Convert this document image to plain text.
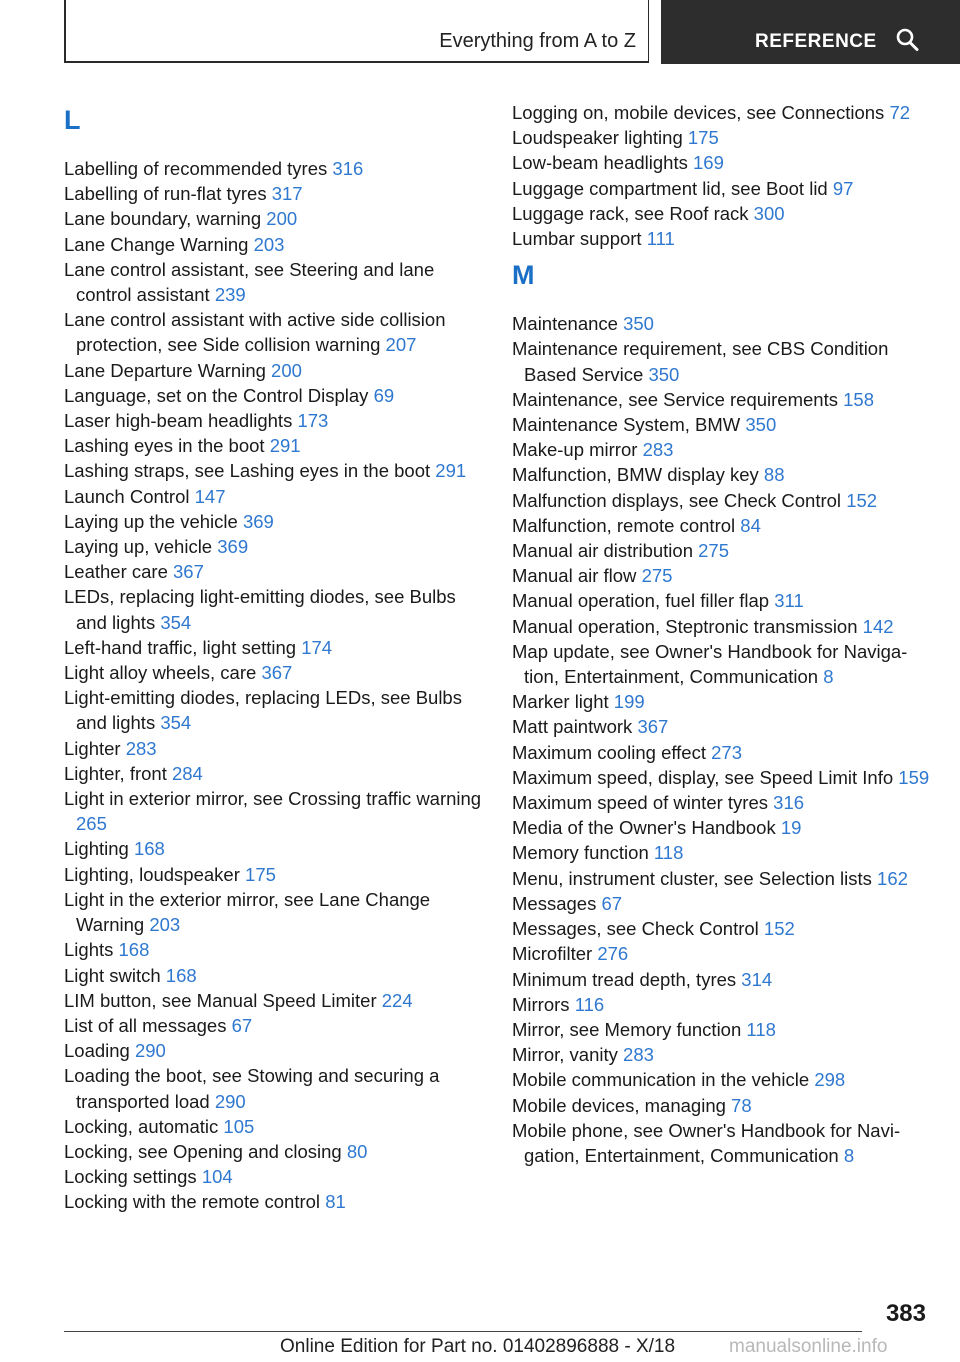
Everything from A to Z	REFERENCE
L
Labelling of recommended tyres 316
Labelling of run-flat tyres 317
Lane boundary, warning 200
Lane Change Warning 203
Lane control assistant, see Steering and lane control assistant 239
Lane control assistant with active side collision protection, see Side collision warning 207
Lane Departure Warning 200
Language, set on the Control Display 69
Laser high-beam headlights 173
Lashing eyes in the boot 291
Lashing straps, see Lashing eyes in the boot 291
Launch Control 147
Laying up the vehicle 369
Laying up, vehicle 369
Leather care 367
LEDs, replacing light-emitting diodes, see Bulbs and lights 354
Left-hand traffic, light setting 174
Light alloy wheels, care 367
Light-emitting diodes, replacing LEDs, see Bulbs and lights 354
Lighter 283
Lighter, front 284
Light in exterior mirror, see Crossing traffic warning 265
Lighting 168
Lighting, loudspeaker 175
Light in the exterior mirror, see Lane Change Warning 203
Lights 168
Light switch 168
LIM button, see Manual Speed Limiter 224
List of all messages 67
Loading 290
Loading the boot, see Stowing and securing a transported load 290
Locking, automatic 105
Locking, see Opening and closing 80
Locking settings 104
Locking with the remote control 81
Logging on, mobile devices, see Connections 72
Loudspeaker lighting 175
Low-beam headlights 169
Luggage compartment lid, see Boot lid 97
Luggage rack, see Roof rack 300
Lumbar support 111
M
Maintenance 350
Maintenance requirement, see CBS Condition Based Service 350
Maintenance, see Service requirements 158
Maintenance System, BMW 350
Make-up mirror 283
Malfunction, BMW display key 88
Malfunction displays, see Check Control 152
Malfunction, remote control 84
Manual air distribution 275
Manual air flow 275
Manual operation, fuel filler flap 311
Manual operation, Steptronic transmission 142
Map update, see Owner's Handbook for Navigation, Entertainment, Communication 8
Marker light 199
Matt paintwork 367
Maximum cooling effect 273
Maximum speed, display, see Speed Limit Info 159
Maximum speed of winter tyres 316
Media of the Owner's Handbook 19
Memory function 118
Menu, instrument cluster, see Selection lists 162
Messages 67
Messages, see Check Control 152
Microfilter 276
Minimum tread depth, tyres 314
Mirrors 116
Mirror, see Memory function 118
Mirror, vanity 283
Mobile communication in the vehicle 298
Mobile devices, managing 78
Mobile phone, see Owner's Handbook for Navigation, Entertainment, Communication 8
383
Online Edition for Part no. 01402896888 - X/18	manualsonline.info
